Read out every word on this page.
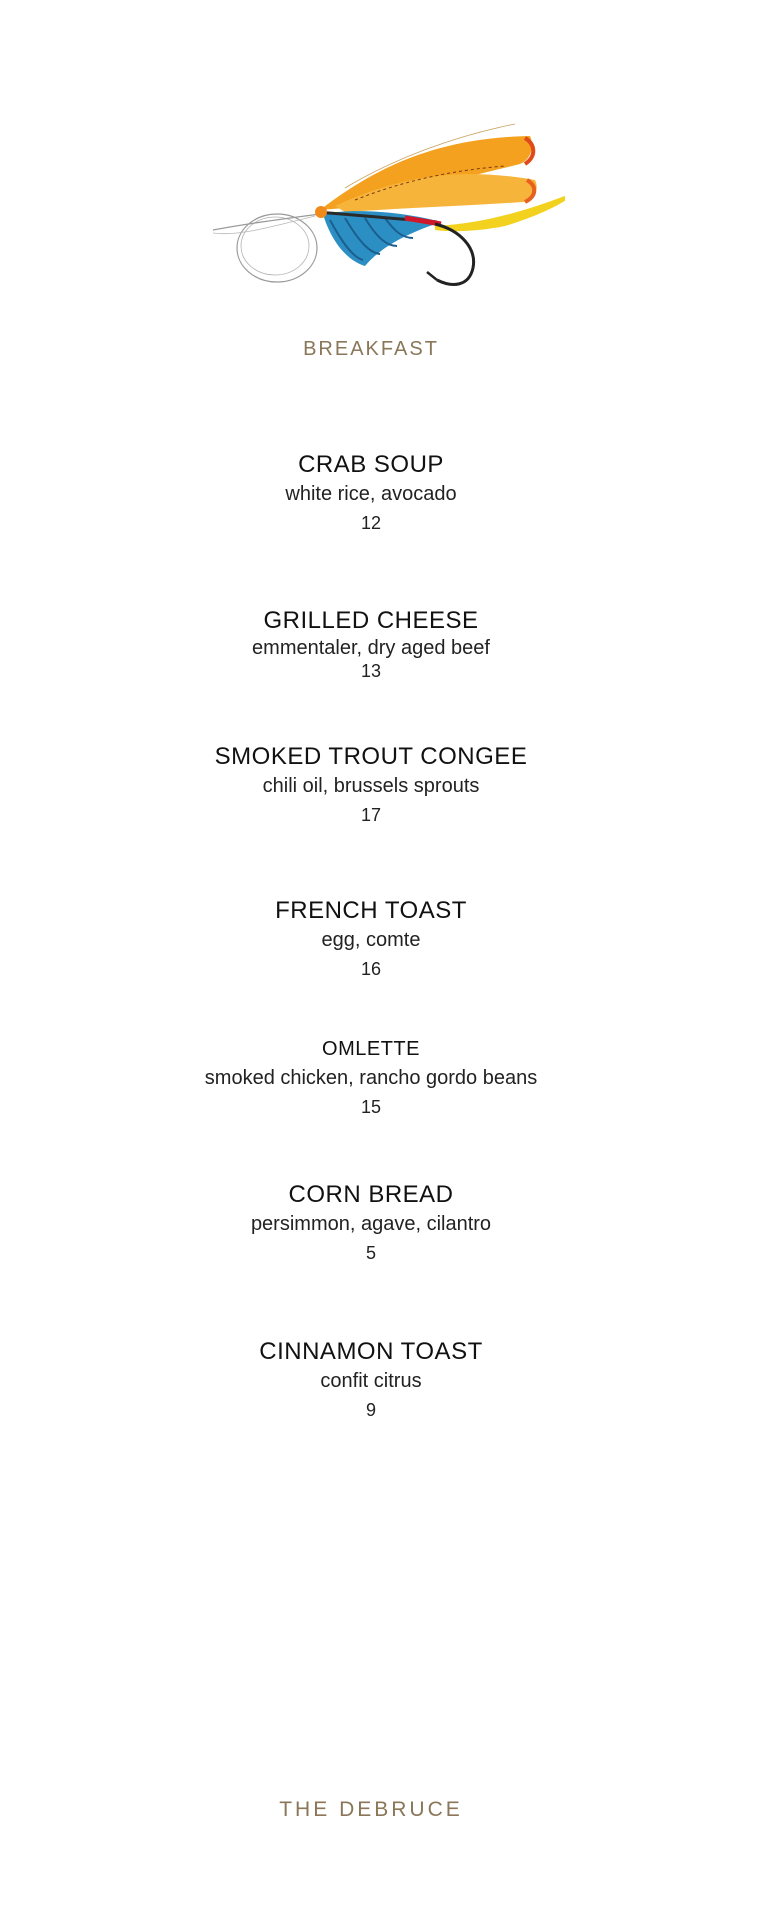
BREAKFAST
CRAB SOUP
white rice, avocado
12
GRILLED CHEESE
emmentaler, dry aged beef
13
SMOKED TROUT CONGEE
chili oil, brussels sprouts
17
FRENCH TOAST
egg, comte
16
OMLETTE
smoked chicken, rancho gordo beans
15
CORN BREAD
persimmon, agave, cilantro
5
CINNAMON TOAST
confit citrus
9
THE DEBRUCE
